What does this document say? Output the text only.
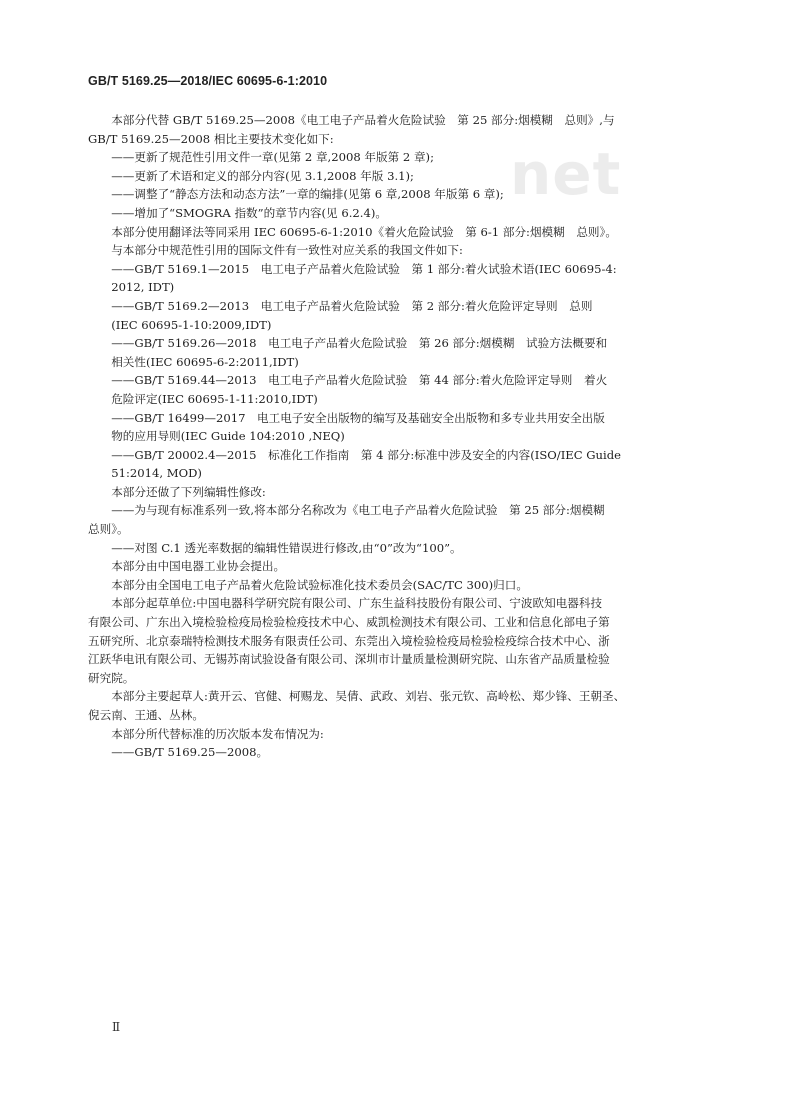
GB/T 5169.25—2018/IEC 60695-6-1:2010
net

本部分代替 GB/T 5169.25—2008《电工电子产品着火危险试验　第 25 部分:烟模糊　总则》,与

GB/T 5169.25—2008 相比主要技术变化如下:

——更新了规范性引用文件一章(见第 2 章,2008 年版第 2 章);

——更新了术语和定义的部分内容(见 3.1,2008 年版 3.1);

——调整了“静态方法和动态方法”一章的编排(见第 6 章,2008 年版第 6 章);

——增加了“SMOGRA 指数”的章节内容(见 6.2.4)。

本部分使用翻译法等同采用 IEC 60695-6-1:2010《着火危险试验　第 6-1 部分:烟模糊　总则》。

与本部分中规范性引用的国际文件有一致性对应关系的我国文件如下:

——GB/T 5169.1—2015　电工电子产品着火危险试验　第 1 部分:着火试验术语(IEC 60695-4:

2012, IDT)

——GB/T 5169.2—2013　电工电子产品着火危险试验　第 2 部分:着火危险评定导则　总则

(IEC 60695-1-10:2009,IDT)

——GB/T 5169.26—2018　电工电子产品着火危险试验　第 26 部分:烟模糊　试验方法概要和

相关性(IEC 60695-6-2:2011,IDT)

——GB/T 5169.44—2013　电工电子产品着火危险试验　第 44 部分:着火危险评定导则　着火

危险评定(IEC 60695-1-11:2010,IDT)

——GB/T 16499—2017　电工电子安全出版物的编写及基础安全出版物和多专业共用安全出版

物的应用导则(IEC Guide 104:2010 ,NEQ)

——GB/T 20002.4—2015　标准化工作指南　第 4 部分:标准中涉及安全的内容(ISO/IEC Guide

51:2014, MOD)

本部分还做了下列编辑性修改:

——为与现有标准系列一致,将本部分名称改为《电工电子产品着火危险试验　第 25 部分:烟模糊

总则》。

——对图 C.1 透光率数据的编辑性错误进行修改,由“0”改为“100”。

本部分由中国电器工业协会提出。

本部分由全国电工电子产品着火危险试验标准化技术委员会(SAC/TC 300)归口。

本部分起草单位:中国电器科学研究院有限公司、广东生益科技股份有限公司、宁波欧知电器科技

有限公司、广东出入境检验检疫局检验检疫技术中心、威凯检测技术有限公司、工业和信息化部电子第

五研究所、北京泰瑞特检测技术服务有限责任公司、东莞出入境检验检疫局检验检疫综合技术中心、浙

江跃华电讯有限公司、无锡苏南试验设备有限公司、深圳市计量质量检测研究院、山东省产品质量检验

研究院。

本部分主要起草人:黄开云、官健、柯赐龙、吴倩、武政、刘岩、张元钦、高岭松、郑少锋、王朝圣、

倪云南、王通、丛林。

本部分所代替标准的历次版本发布情况为:

——GB/T 5169.25—2008。

Ⅱ
